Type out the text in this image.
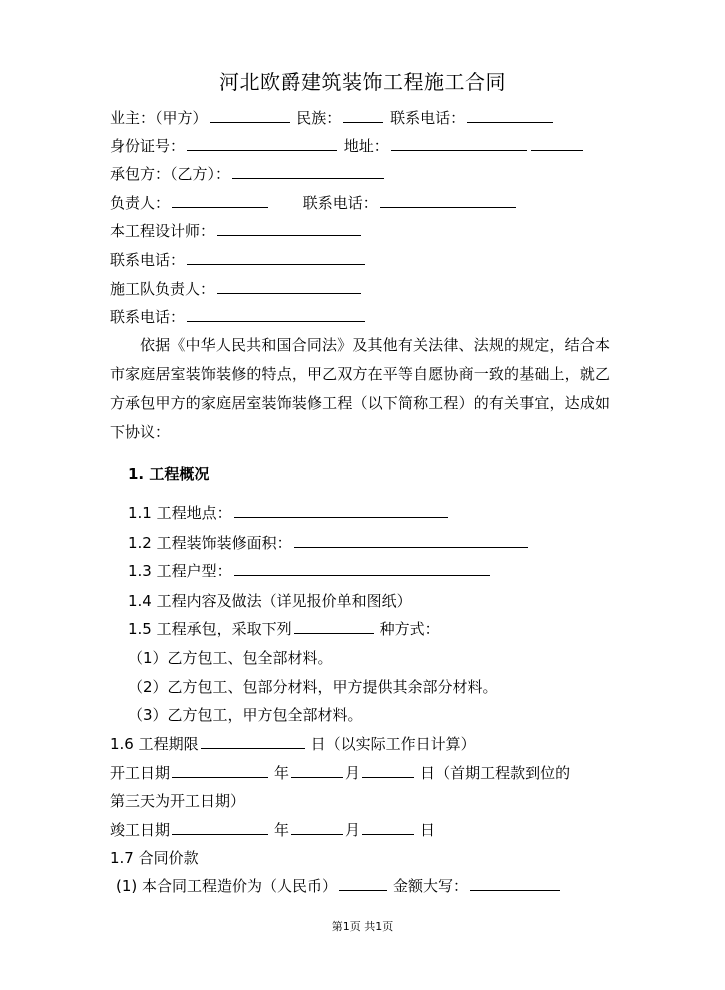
河北欧爵建筑装饰工程施工合同
业主：（甲方）	民族：	联系电话：
身份证号：	地址：
承包方：（乙方）：
负责人：	联系电话：
本工程设计师：
联系电话：
施工队负责人：
联系电话：
依据《中华人民共和国合同法》及其他有关法律、法规的规定，结合本市家庭居室装饰装修的特点，甲乙双方在平等自愿协商一致的基础上，就乙方承包甲方的家庭居室装饰装修工程（以下简称工程）的有关事宜，达成如下协议：
1. 工程概况
1.1 工程地点：
1.2 工程装饰装修面积：
1.3 工程户型：
1.4 工程内容及做法（详见报价单和图纸）
1.5 工程承包，采取下列	种方式：
（1）乙方包工、包全部材料。
（2）乙方包工、包部分材料，甲方提供其余部分材料。
（3）乙方包工，甲方包全部材料。
1.6 工程期限	日（以实际工作日计算）
开工日期	年	月	日（首期工程款到位的
第三天为开工日期）
竣工日期	年	月	日
1.7 合同价款
(1) 本合同工程造价为（人民币）	金额大写：
第1页 共1页
